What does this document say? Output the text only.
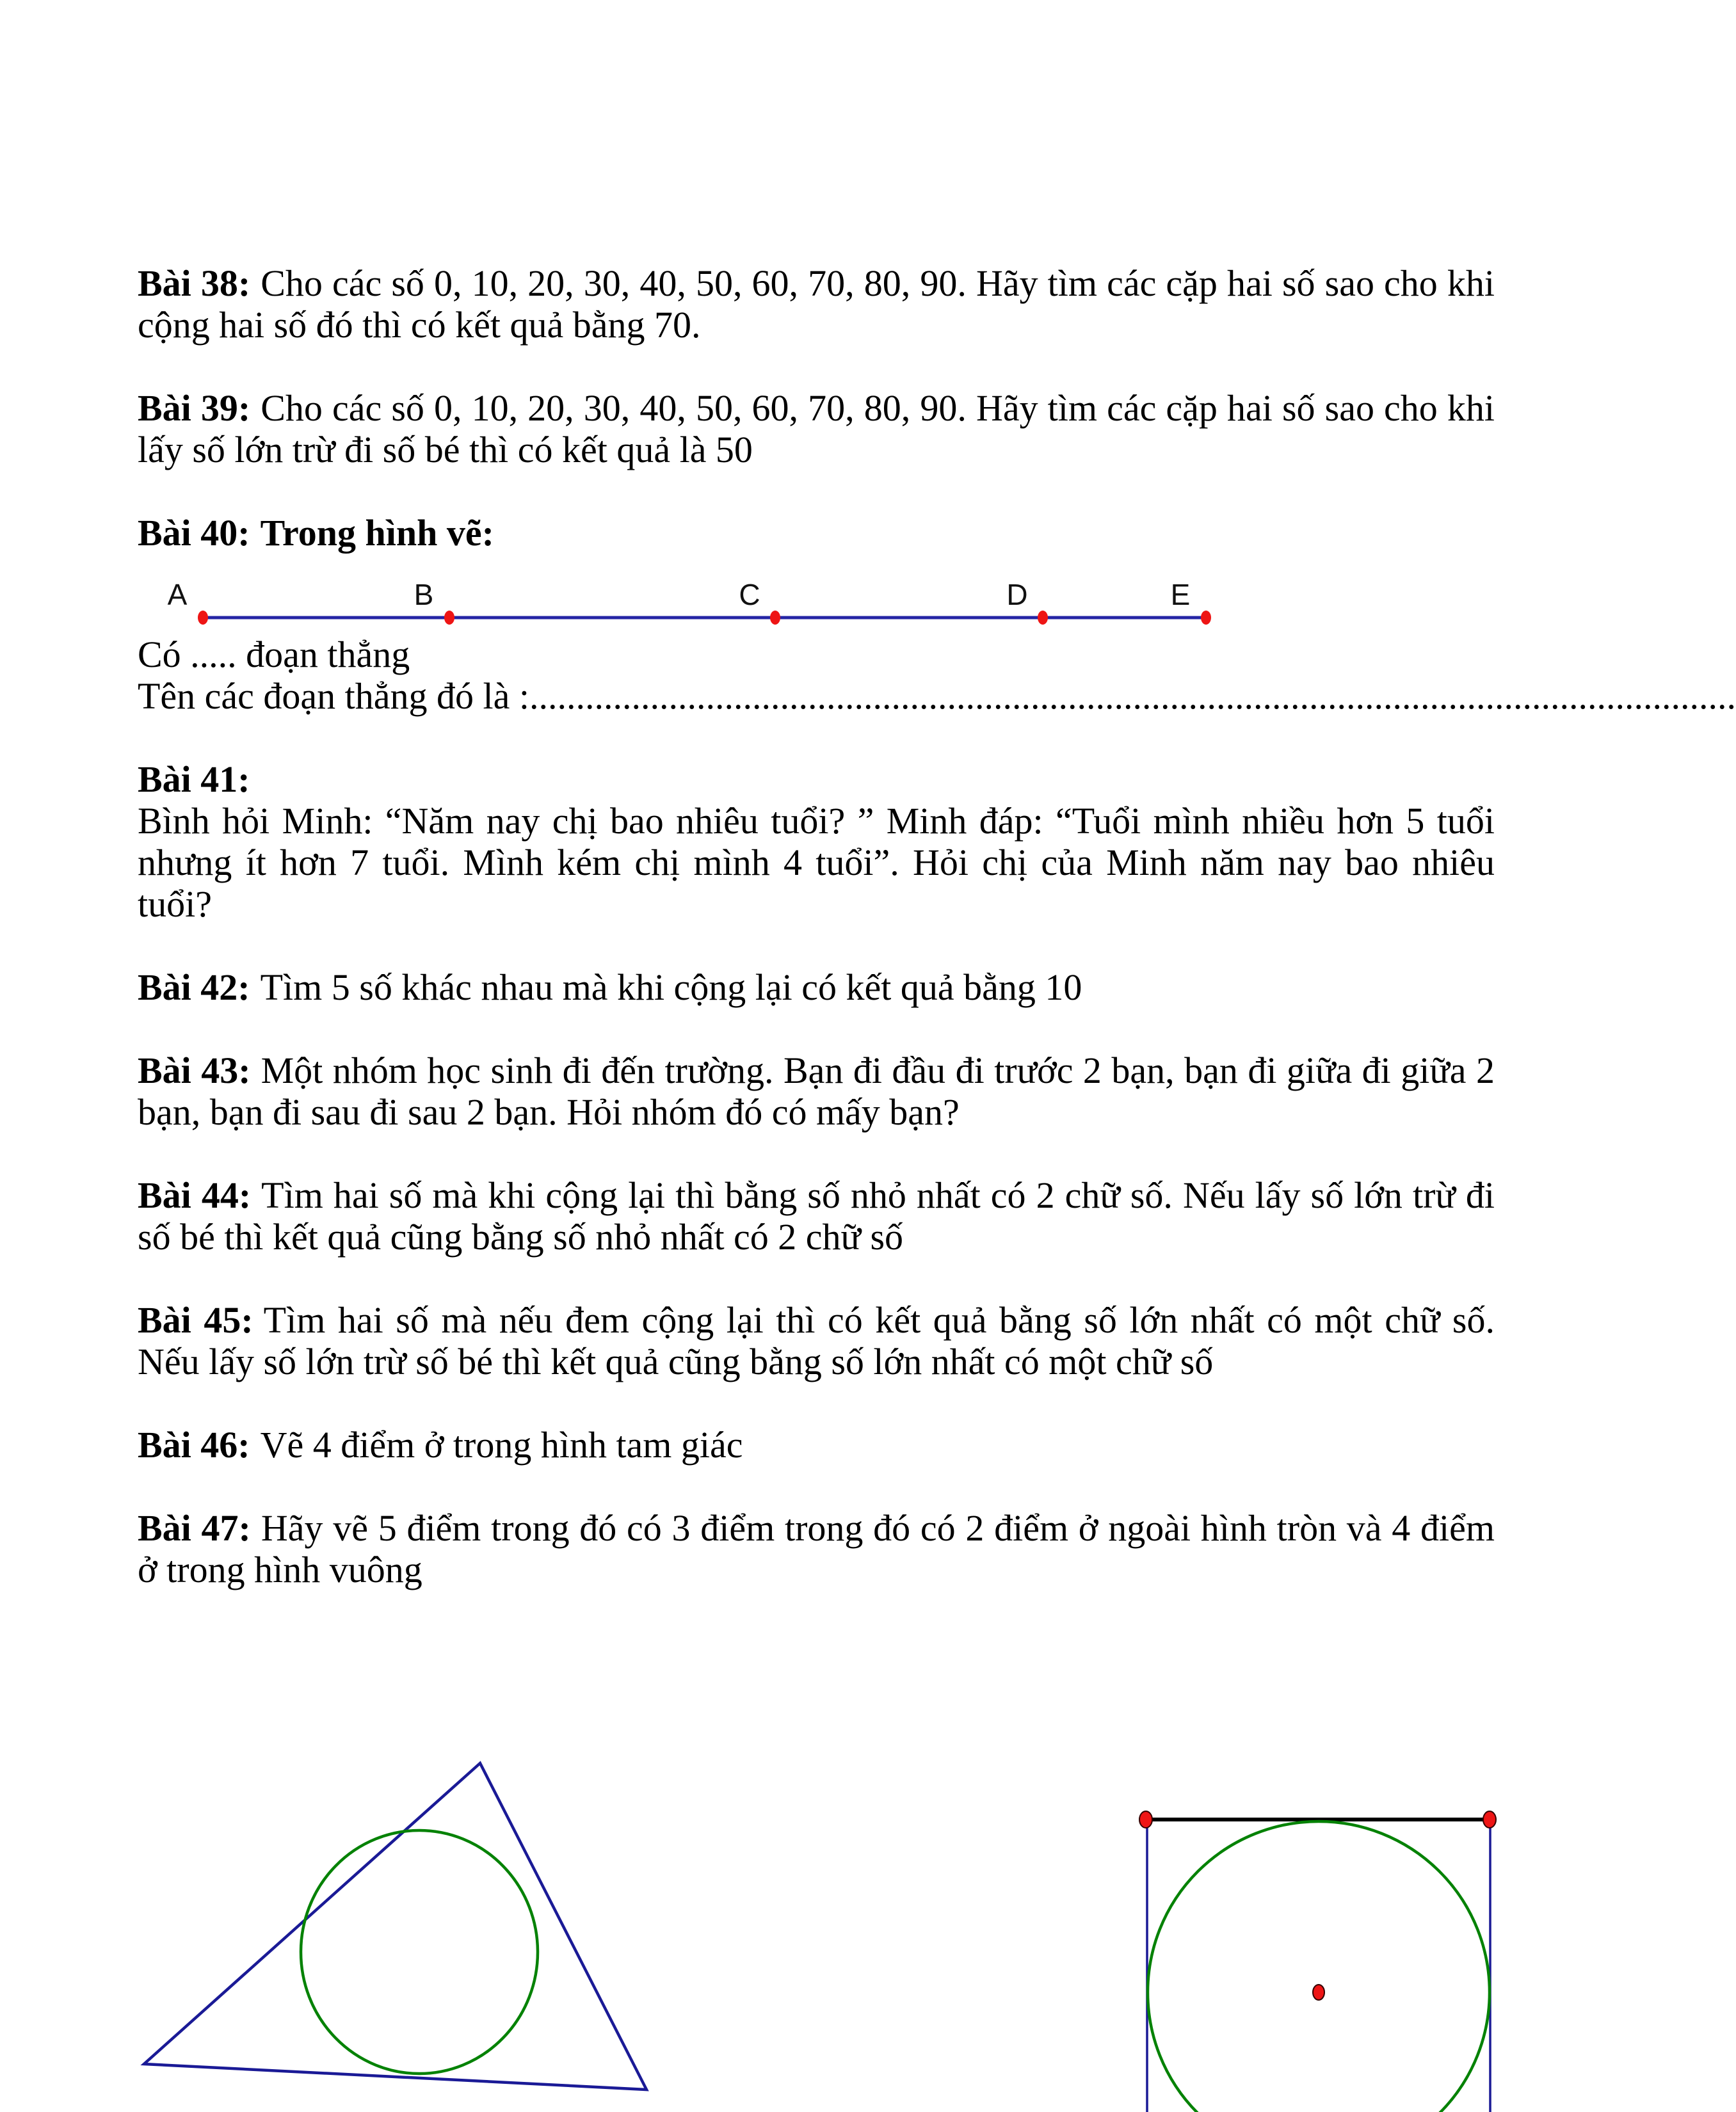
Bài 38: Cho các số 0, 10, 20, 30, 40, 50, 60, 70, 80, 90. Hãy tìm các cặp hai số sao cho khi cộng hai số đó thì có kết quả bằng 70.

Bài 39: Cho các số 0, 10, 20, 30, 40, 50, 60, 70, 80, 90. Hãy tìm các cặp hai số sao cho khi lấy số lớn trừ đi số bé thì có kết quả là 50

Bài 40: Trong hình vẽ:

A	B	C	D	E
Có ..... đoạn thẳng
Tên các đoạn thẳng đó là :..................................................................................................................................

Bài 41:
Bình hỏi Minh: “Năm nay chị bao nhiêu tuổi? ” Minh đáp: “Tuổi mình nhiều hơn 5 tuổi nhưng ít hơn 7 tuổi. Mình kém chị mình 4 tuổi”. Hỏi chị của Minh năm nay bao nhiêu tuổi?

Bài 42: Tìm 5 số khác nhau mà khi cộng lại có kết quả bằng 10

Bài 43: Một nhóm học sinh đi đến trường. Bạn đi đầu đi trước 2 bạn, bạn đi giữa đi giữa 2 bạn, bạn đi sau đi sau 2 bạn. Hỏi nhóm đó có mấy bạn?

Bài 44: Tìm hai số mà khi cộng lại thì bằng số nhỏ nhất có 2 chữ số. Nếu lấy số lớn trừ đi số bé thì kết quả cũng bằng số nhỏ nhất có 2 chữ số

Bài 45: Tìm hai số mà nếu đem cộng lại thì có kết quả bằng số lớn nhất có một chữ số. Nếu lấy số lớn trừ số bé thì kết quả cũng bằng số lớn nhất có một chữ số

Bài 46: Vẽ 4 điểm ở trong hình tam giác

Bài 47: Hãy vẽ 5 điểm trong đó có 3 điểm trong đó có 2 điểm ở ngoài hình tròn và 4 điểm ở trong hình vuông
